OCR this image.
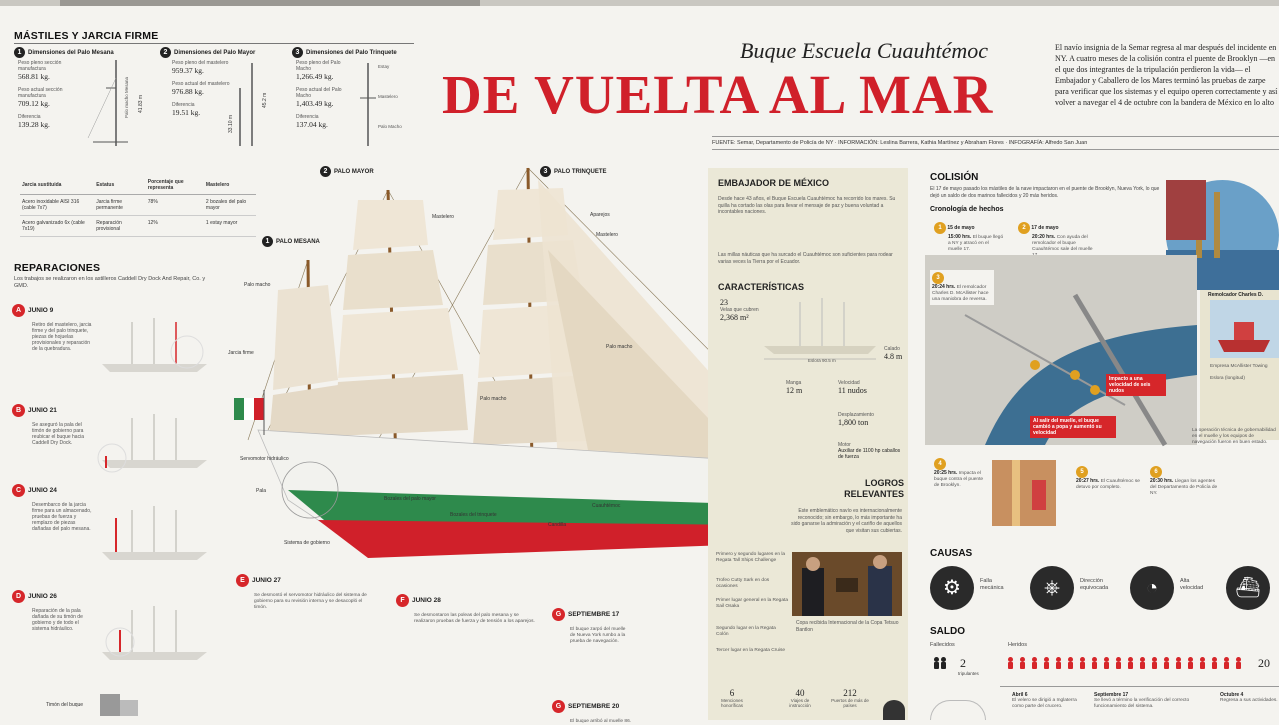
MÁSTILES Y JARCIA FIRME
1 Dimensiones del Palo Mesana
Peso pleno sección manufactura
568.81 kg.
Peso actual sección manufactura
709.12 kg.
Diferencia
139.28 kg.
Palo macho Mesana 41.83 m
2 Dimensiones del Palo Mayor
Peso pleno del mastelero
959.37 kg.
Peso actual del mastelero
976.88 kg.
Diferencia
19.51 kg.
33.10 m
45.2 m
3 Dimensiones del Palo Trinquete
Peso pleno del Palo Macho
1,266.49 kg.
Peso actual del Palo Macho
1,403.49 kg.
Diferencia
137.04 kg.
Estay
Mastelero
Palo Macho
Jarcia sustituida	Estatus	Porcentaje que representa	Mastelero
Acero inoxidable AISI 316 (cable 7x7)	Jarcia firme permanente	78%	2 bozales del palo mayor
Acero galvanizado 6x (cable 7x19)	Reparación provisional	12%	1 estay mayor
REPARACIONES
Los trabajos se realizaron en los astilleros Caddell Dry Dock And Repair, Co. y GMD.
A JUNIO 9
Retiro del mastelero, jarcia firme y del palo trinquete, piezas de hojuelas provisionales y reparación de la quebradura.
B JUNIO 21
Se aseguró la pala del timón de gobierno para reubicar el buque hacia Caddell Dry Dock.
C JUNIO 24
Desembarco de la jarcia firme para un almacenado, pruebas de fuerza y remplazo de piezas dañadas del palo mesana.
D JUNIO 26
Reparación de la pala dañada de su timón de gobierno y de todo el sistema hidráulico.
Timón del buque
Buque Escuela Cuauhtémoc
DE VUELTA AL MAR
El navío insignia de la Semar regresa al mar después del incidente en NY. A cuatro meses de la colisión contra el puente de Brooklyn —en el que dos integrantes de la tripulación perdieron la vida— el Embajador y Caballero de los Mares terminó las pruebas de zarpe para verificar que los sistemas y el equipo operen correctamente y así volver a navegar el 4 de octubre con la bandera de México en lo alto
FUENTE: Semar, Departamento de Policía de NY · INFORMACIÓN: Leslina Barrera, Kathia Martínez y Abraham Flores · INFOGRAFÍA: Alfredo San Juan
1 PALO MESANA
2 PALO MAYOR	3 PALO TRINQUETE
Mastelero	Aparejos
Mastelero
Palo macho
Jarcia firme
Palo macho
Palo macho
Servomotor hidráulico
Pala
Sistema de gobierno
Cuauhtémoc
Bozales del palo mayor
Bozales del trinquete
Candilla
E JUNIO 27
Se desmontó el servomotor hidráulico del sistema de gobierno para su revisión interna y se desacopló el timón.
F JUNIO 28
Se desmontaron las poleas del palo mesana y se realizaron pruebas de fuerza y de tensión a los aparejos.
G SEPTIEMBRE 17
El buque zarpó del muelle de Nueva York rumbo a la prueba de navegación.
G SEPTIEMBRE 20
El buque arribó al muelle 86.
EMBAJADOR DE MÉXICO
Desde hace 43 años, el Buque Escuela Cuauhtémoc ha recorrido los mares. Su quilla ha cortado las olas para llevar el mensaje de paz y buena voluntad a incontables naciones.
Las millas náuticas que ha surcado el Cuauhtémoc son suficientes para rodear varias veces la Tierra por el Ecuador.
CARACTERÍSTICAS
23
Velas que cubren
2,368 m²
Eslora 90.5 m
Calado
4.8 m
Manga
12 m
Velocidad
11 nudos
Desplazamiento
1,800 ton
Motor
Auxiliar de 1100 hp caballos de fuerza
LOGROS RELEVANTES
Este emblemático navío es internacionalmente reconocido; sin embargo, lo más importante ha sido ganarse la admiración y el cariño de aquellos que visitan sus cubiertas.
Primero y segundo lugares en la Regata Tall Ships Challenge
Trofeo Cutty Sark en dos ocasiones
Primer lugar general en la Regata Sail Osaka
Segundo lugar en la Regata Colón
Tercer lugar en la Regata Cruise
Copa recibida Internacional de la Copa Tetsuo Bantlon
6
Menciones honoríficas
40
Viajes de instrucción
212
Puertos de más de países
COLISIÓN
El 17 de mayo pasado los mástiles de la nave impactaron en el puente de Brooklyn, Nueva York, lo que dejó un saldo de dos marinos fallecidos y 20 más heridos.
Cronología de hechos
1 15 de mayo
15:00 hrs. El buque llegó a NY y atracó en el muelle 17.
2 17 de mayo
20:20 hrs. Con ayuda del remolcador el buque Cuauhtémoc sale del muelle
3
20:24 hrs. El remolcador Charles D. McAllister hace una maniobra de reversa.
Impacto a una velocidad de seis nudos
Al salir del muelle, el buque cambió a popa y aumentó su velocidad
Remolcador Charles D.
Empresa McAllister Towing
Eslora (longitud)
La operación técnica de gobernabilidad en el muelle y los equipos de navegación fueron en buen estado.
4
20:25 hrs. Impacta el buque contra el puente de Brooklyn.
5
20:27 hrs. El Cuauhtémoc se detuvo por completo.
6
20:30 hrs. Llegan los agentes del Departamento de Policía de NY.
CAUSAS
⚙	Falla mecánica	⎈	Dirección equivocada	◔	Alta velocidad	⛴
SALDO
Fallecidos
2
tripulantes
Heridos
20
Abril 6
El velero se dirigió a Inglaterra como parte del crucero.
Septiembre 17
Se llevó a término la verificación del correcto funcionamiento del sistema.
Octubre 4
Regresa a sus actividades.
